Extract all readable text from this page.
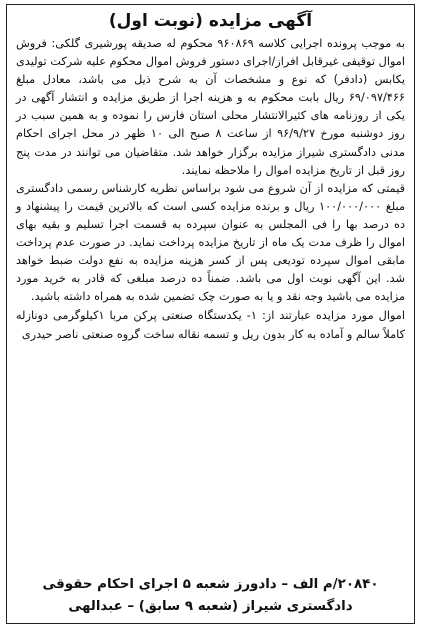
آگهی مزایده (نوبت اول)

به موجب پرونده اجرایی کلاسه ۹۶۰۸۶۹ محکوم له صدیقه پورشیری گلکی: فروش اموال توقیفی غیرقابل افراز/اجرای دستور فروش اموال محکوم علیه شرکت تولیدی یکابس (دادفر) که نوع و مشخصات آن به شرح ذیل می باشد، معادل مبلغ ۶۹/۰۹۷/۴۶۶ ریال بابت محکوم به و هزینه اجرا از طریق مزایده و انتشار آگهی در یکی از روزنامه های کثیرالانتشار محلی استان فارس را نموده و به همین سبب در روز دوشنبه مورخ ۹۶/۹/۲۷ از ساعت ۸ صبح الی ۱۰ ظهر در محل اجرای احکام مدنی دادگستری شیراز مزایده برگزار خواهد شد. متقاضیان می توانند در مدت پنج روز قبل از تاریخ مزایده اموال را ملاحظه نمایند.

قیمتی که مزایده از آن شروع می شود براساس نظریه کارشناس رسمی دادگستری مبلغ ۱۰۰/۰۰۰/۰۰۰ ریال و برنده مزایده کسی است که بالاترین قیمت را پیشنهاد و ده درصد بها را فی المجلس به عنوان سپرده به قسمت اجرا تسلیم و بقیه بهای اموال را ظرف مدت یک ماه از تاریخ مزایده پرداخت نماید. در صورت عدم پرداخت مابقی اموال سپرده تودیعی پس از کسر هزینه مزایده به نفع دولت ضبط خواهد شد. این آگهی نوبت اول می باشد. ضمناً ده درصد مبلغی که قادر به خرید مورد مزایده می باشید وجه نقد و یا به صورت چک تضمین شده به همراه داشته باشید.

اموال مورد مزایده عبارتند از: ۱- یکدستگاه صنعتی پرکن مربا ۱کیلوگرمی دونازله کاملاً سالم و آماده به کار بدون ریل و تسمه نقاله ساخت گروه صنعتی ناصر حیدری
۲۰۸۴۰/م الف – دادورز شعبه ۵ اجرای احکام حقوقی
دادگستری شیراز (شعبه ۹ سابق) – عبدالهی
